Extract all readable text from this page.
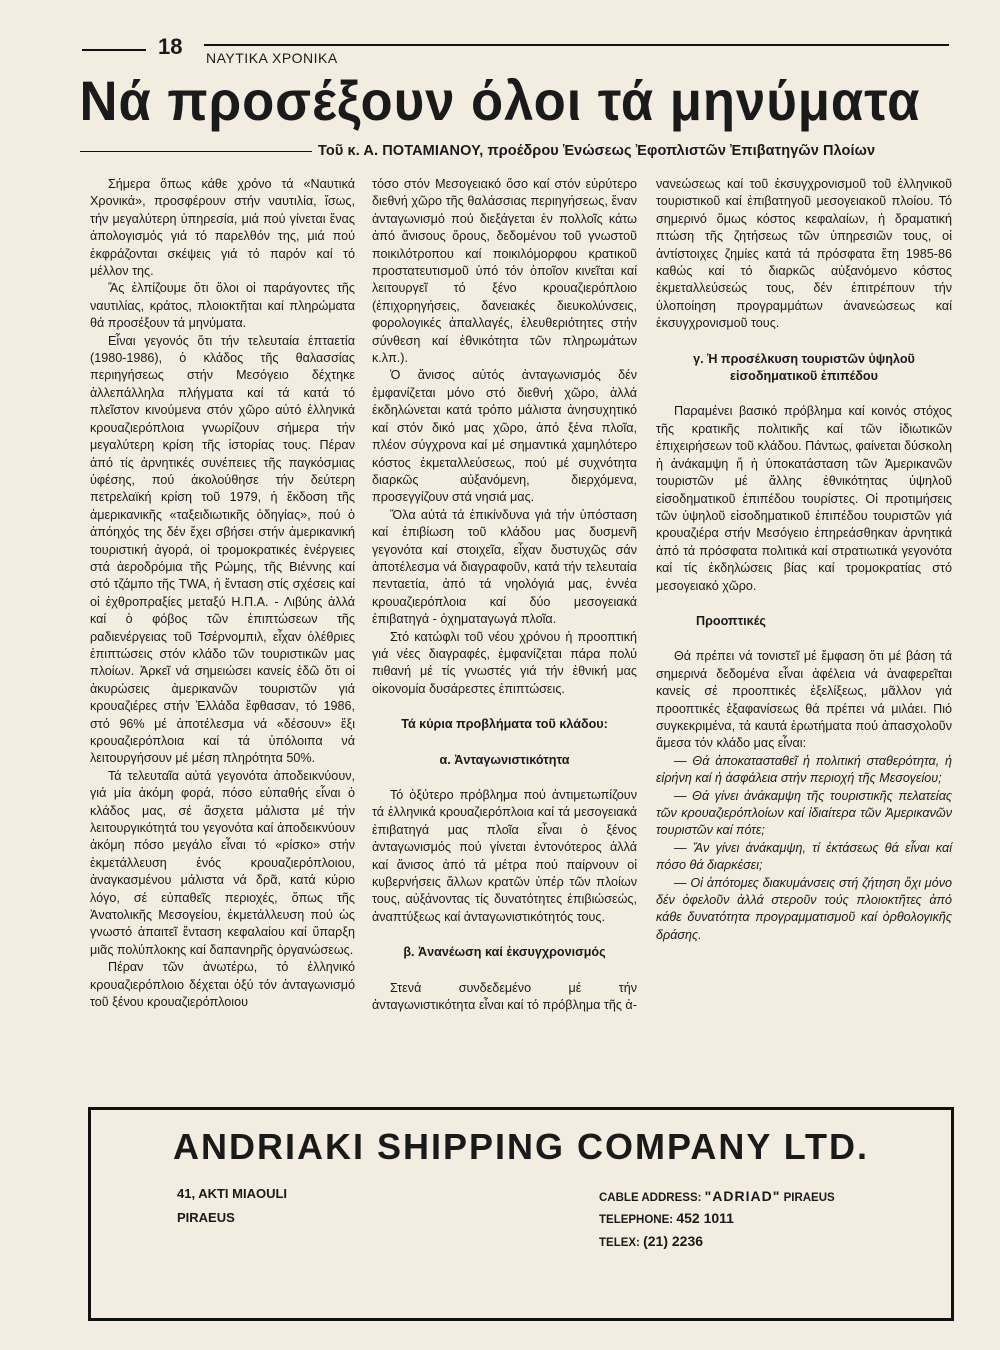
18 ΝΑΥΤΙΚΑ ΧΡΟΝΙΚΑ
Νά προσέξουν όλοι τά μηνύματα
Τοῦ κ. Α. ΠΟΤΑΜΙΑΝΟΥ, προέδρου Ἑνώσεως Ἐφοπλιστῶν Ἐπιβατηγῶν Πλοίων

Σήμερα ὅπως κάθε χρόνο τά «Ναυτικά Χρονικά», προσφέρουν στήν ναυτιλία, ἴσως, τήν μεγαλύτερη ὑπηρεσία, μιά πού γίνεται ἕνας ἀπολογισμός γιά τό παρελθόν της, μιά πού ἐκφράζονται σκέψεις γιά τό παρόν καί τό μέλλον της.

Ἄς ἐλπίζουμε ὅτι ὅλοι οἱ παράγοντες τῆς ναυτιλίας, κράτος, πλοιοκτῆται καί πληρώματα θά προσέξουν τά μηνύματα.

Εἶναι γεγονός ὅτι τήν τελευταία ἑπταετία (1980-1986), ὁ κλάδος τῆς θαλασσίας περιηγήσεως στήν Μεσόγειο δέχτηκε ἀλλεπάλληλα πλήγματα καί τά κατά τό πλεῖστον κινούμενα στόν χῶρο αὐτό ἑλληνικά κρουαζιερόπλοια γνωρίζουν σήμερα τήν μεγαλύτερη κρίση τῆς ἱστορίας τους. Πέραν ἀπό τίς ἀρνητικές συνέπειες τῆς παγκόσμιας ὑφέσης, πού ἀκολούθησε τήν δεύτερη πετρελαϊκή κρίση τοῦ 1979, ἡ ἔκδοση τῆς ἀμερικανικῆς «ταξειδιωτικῆς ὁδηγίας», πού ὁ ἀπόηχός της δέν ἔχει σβήσει στήν ἀμερικανική τουριστική ἀγορά, οἱ τρομοκρατικές ἐνέργειες στά ἀεροδρόμια τῆς Ρώμης, τῆς Βιέννης καί στό τζάμπο τῆς TWA, ἡ ἔνταση στίς σχέσεις καί οἱ ἐχθροπραξίες μεταξύ Η.Π.Α. - Λιβύης ἀλλά καί ὁ φόβος τῶν ἐπιπτώσεων τῆς ραδιενέργειας τοῦ Τσέρνομπιλ, εἶχαν ὀλέθριες ἐπιπτώσεις στόν κλάδο τῶν τουριστικῶν μας πλοίων. Ἀρκεῖ νά σημειώσει κανείς ἐδῶ ὅτι οἱ ἀκυρώσεις ἀμερικανῶν τουριστῶν γιά κρουαζιέρες στήν Ἑλλάδα ἔφθασαν, τό 1986, στό 96% μέ ἀποτέλεσμα νά «δέσουν» ἕξι κρουαζιερόπλοια καί τά ὑπόλοιπα νά λειτουργήσουν μέ μέση πληρότητα 50%.

Τά τελευταῖα αὐτά γεγονότα ἀποδεικνύουν, γιά μία ἀκόμη φορά, πόσο εὐπαθής εἶναι ὁ κλάδος μας, σέ ἄσχετα μάλιστα μέ τήν λειτουργικότητά του γεγονότα καί ἀποδεικνύουν ἀκόμη πόσο μεγάλο εἶναι τό «ρίσκο» στήν ἐκμετάλλευση ἑνός κρουαζιερόπλοιου, ἀναγκασμένου μάλιστα νά δρᾶ, κατά κύριο λόγο, σέ εὐπαθεῖς περιοχές, ὅπως τῆς Ἀνατολικῆς Μεσογείου, ἐκμετάλλευση πού ὡς γνωστό ἀπαιτεῖ ἔνταση κεφαλαίου καί ὕπαρξη μιᾶς πολύπλοκης καί δαπανηρῆς ὀργανώσεως.

Πέραν τῶν ἀνωτέρω, τό ἑλληνικό κρουαζιερόπλοιο δέχεται ὀξύ τόν ἀνταγωνισμό τοῦ ξένου κρουαζιερόπλοιου

τόσο στόν Μεσογειακό ὅσο καί στόν εὐρύτερο διεθνή χῶρο τῆς θαλάσσιας περιηγήσεως, ἕναν ἀνταγωνισμό πού διεξάγεται ἐν πολλοῖς κάτω ἀπό ἄνισους ὅρους, δεδομένου τοῦ γνωστοῦ ποικιλότροπου καί ποικιλόμορφου κρατικοῦ προστατευτισμοῦ ὑπό τόν ὁποῖον κινεῖται καί λειτουργεῖ τό ξένο κρουαζιερόπλοιο (ἐπιχορηγήσεις, δανειακές διευκολύνσεις, φορολογικές ἀπαλλαγές, ἐλευθεριότητες στήν σύνθεση καί ἐθνικότητα τῶν πληρωμάτων κ.λπ.).

Ὁ ἄνισος αὐτός ἀνταγωνισμός δέν ἐμφανίζεται μόνο στό διεθνή χῶρο, ἀλλά ἐκδηλώνεται κατά τρόπο μάλιστα ἀνησυχητικό καί στόν δικό μας χῶρο, ἀπό ξένα πλοῖα, πλέον σύγχρονα καί μέ σημαντικά χαμηλότερο κόστος ἐκμεταλλεύσεως, πού μέ συχνότητα διαρκῶς αὐξανόμενη, διερχόμενα, προσεγγίζουν στά νησιά μας.

Ὅλα αὐτά τά ἐπικίνδυνα γιά τήν ὑπόσταση καί ἐπιβίωση τοῦ κλάδου μας δυσμενῆ γεγονότα καί στοιχεῖα, εἶχαν δυστυχῶς σάν ἀποτέλεσμα νά διαγραφοῦν, κατά τήν τελευταία πενταετία, ἀπό τά νηολόγιά μας, ἐννέα κρουαζιερόπλοια καί δύο μεσογειακά ἐπιβατηγά - ὀχηματαγωγά πλοῖα.

Στό κατώφλι τοῦ νέου χρόνου ἡ προοπτική γιά νέες διαγραφές, ἐμφανίζεται πάρα πολύ πιθανή μέ τίς γνωστές γιά τήν ἐθνική μας οἰκονομία δυσάρεστες ἐπιπτώσεις.

Τά κύρια προβλήματα τοῦ κλάδου:
α. Ἀνταγωνιστικότητα

Τό ὀξύτερο πρόβλημα πού ἀντιμετωπίζουν τά ἑλληνικά κρουαζιερόπλοια καί τά μεσογειακά ἐπιβατηγά μας πλοῖα εἶναι ὁ ξένος ἀνταγωνισμός πού γίνεται ἐντονότερος ἀλλά καί ἄνισος ἀπό τά μέτρα πού παίρνουν οἱ κυβερνήσεις ἄλλων κρατῶν ὑπέρ τῶν πλοίων τους, αὐξάνοντας τίς δυνατότητες ἐπιβιώσεώς, ἀναπτύξεως καί ἀνταγωνιστικότητός τους.

β. Ἀνανέωση καί ἐκσυγχρονισμός

Στενά συνδεδεμένο μέ τήν ἀνταγωνιστικότητα εἶναι καί τό πρόβλημα τῆς ἀ-

νανεώσεως καί τοῦ ἐκσυγχρονισμοῦ τοῦ ἑλληνικοῦ τουριστικοῦ καί ἐπιβατηγοῦ μεσογειακοῦ πλοίου. Τό σημερινό ὅμως κόστος κεφαλαίων, ἡ δραματική πτώση τῆς ζητήσεως τῶν ὑπηρεσιῶν τους, οἱ ἀντίστοιχες ζημίες κατά τά πρόσφατα ἔτη 1985-86 καθώς καί τό διαρκῶς αὐξανόμενο κόστος ἐκμεταλλεύσεώς τους, δέν ἐπιτρέπουν τήν ὑλοποίηση προγραμμάτων ἀνανεώσεως καί ἐκσυγχρονισμοῦ τους.

γ. Ἡ προσέλκυση τουριστῶν ὑψηλοῦ εἰσοδηματικοῦ ἐπιπέδου

Παραμένει βασικό πρόβλημα καί κοινός στόχος τῆς κρατικῆς πολιτικῆς καί τῶν ἰδιωτικῶν ἐπιχειρήσεων τοῦ κλάδου. Πάντως, φαίνεται δύσκολη ἡ ἀνάκαμψη ἤ ἡ ὑποκατάσταση τῶν Ἀμερικανῶν τουριστῶν μέ ἄλλης ἐθνικότητας ὑψηλοῦ εἰσοδηματικοῦ ἐπιπέδου τουρίστες. Οἱ προτιμήσεις τῶν ὑψηλοῦ εἰσοδηματικοῦ ἐπιπέδου τουριστῶν γιά κρουαζιέρα στήν Μεσόγειο ἐπηρεάσθηκαν ἀρνητικά ἀπό τά πρόσφατα πολιτικά καί στρατιωτικά γεγονότα καί τίς ἐκδηλώσεις βίας καί τρομοκρατίας στό μεσογειακό χῶρο.

Προοπτικές

Θά πρέπει νά τονιστεῖ μέ ἔμφαση ὅτι μέ βάση τά σημερινά δεδομένα εἶναι ἀφέλεια νά ἀναφερεῖται κανείς σέ προοπτικές ἐξελίξεως, μᾶλλον γιά προοπτικές ἐξαφανίσεως θά πρέπει νά μιλάει. Πιό συγκεκριμένα, τά καυτά ἐρωτήματα πού ἀπασχολοῦν ἄμεσα τόν κλάδο μας εἶναι:

— Θά ἀποκατασταθεῖ ἡ πολιτική σταθερότητα, ἡ εἰρήνη καί ἡ ἀσφάλεια στήν περιοχή τῆς Μεσογείου;

— Θά γίνει ἀνάκαμψη τῆς τουριστικῆς πελατείας τῶν κρουαζιερόπλοίων καί ἰδιαίτερα τῶν Ἀμερικανῶν τουριστῶν καί πότε;

— Ἄν γίνει ἀνάκαμψη, τί ἐκτάσεως θά εἶναι καί πόσο θά διαρκέσει;

— Οἱ ἀπότομες διακυμάνσεις στή ζήτηση ὄχι μόνο δέν ὀφελοῦν ἀλλά στεροῦν τούς πλοιοκτῆτες ἀπό κάθε δυνατότητα προγραμματισμοῦ καί ὀρθολογικῆς δράσης.

ANDRIAKI SHIPPING COMPANY LTD.
41, AKTI MIAOULI
PIRAEUS
CABLE ADDRESS: "ADRIAD" PIRAEUS
TELEPHONE: 452 1011
TELEX: (21) 2236
